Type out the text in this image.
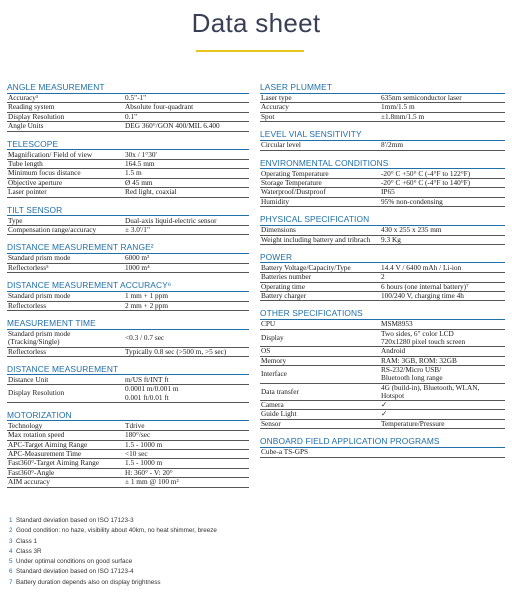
Data sheet
ANGLE MEASUREMENT
Accuracy¹	0.5"-1"
Reading system	Absolute four-quadrant
Display Resolution	0.1"
Angle Units	DEG 360°/GON 400/MIL 6.400
TELESCOPE
Magnification/ Field of view	30x / 1°30'
Tube length	164.5 mm
Minimum focus distance	1.5 m
Objective aperture	Ø 45 mm
Laser pointer	Red light, coaxial
TILT SENSOR
Type	Dual-axis liquid-electric sensor
Compensation range/accuracy	± 3.0'/1"
DISTANCE MEASUREMENT RANGE²
Standard prism mode	6000 m³
Reflectorless⁵	1000 m⁴
DISTANCE MEASUREMENT ACCURACY⁶
Standard prism mode	1 mm + 1 ppm
Reflectorless	2 mm + 2 ppm
MEASUREMENT TIME
Standard prism mode (Tracking/Single)	<0.3 / 0.7 sec
Reflectorless	Typically 0.8 sec (>500 m, >5 sec)
DISTANCE MEASUREMENT
Distance Unit	m/US ft/INT ft
Display Resolution	0.0001 m/0.001 m
0.001 ft/0.01 ft
MOTORIZATION
Technology	Tdrive
Max rotation speed	180°/sec
APC-Target Aiming Range	1.5 - 1000 m
APC-Measurement Time	<10 sec
Fast360°-Target Aiming Range	1.5 - 1000 m
Fast360°-Angle	H: 360° - V: 20°
AIM accuracy	± 1 mm @ 100 m²
LASER PLUMMET
Laser type	635nm semiconductor laser
Accuracy	1mm/1.5 m
Spot	±1.8mm/1.5 m
LEVEL VIAL SENSITIVITY
Circular level	8'/2mm
ENVIRONMENTAL CONDITIONS
Operating Temperature	-20° C +50° C (-4°F to 122°F)
Storage Temperature	-20° C +60° C (-4°F to 140°F)
Waterproof/Dustproof	IP65
Humidity	95% non-condensing
PHYSICAL SPECIFICATION
Dimensions	430 x 255 x 235 mm
Weight including battery and tribrach	9.3 Kg
POWER
Battery Voltage/Capacity/Type	14.4 V / 6400 mAh / Li-ion
Batteries number	2
Operating time	6 hours (one internal battery)⁷
Battery charger	100/240 V, charging time 4h
OTHER SPECIFICATIONS
CPU	MSM8953
Display	Two sides, 6" color LCD
720x1280 pixel touch screen
OS	Android
Memory	RAM: 3GB, ROM: 32GB
Interface	RS-232/Micro USB/
Bluetooth long range
Data transfer	4G (build-in), Bluetooth, WLAN,
Hotspot
Camera	✓
Guide Light	✓
Sensor	Temperature/Pressure
ONBOARD FIELD APPLICATION PROGRAMS
Cube-a TS-GPS
1 Standard deviation based on ISO 17123-3
2 Good condition: no haze, visibility about 40km, no heat shimmer, breeze
3 Class 1
4 Class 3R
5 Under optimal conditions on good surface
6 Standard deviation based on ISO 17123-4
7 Battery duration depends also on display brightness
